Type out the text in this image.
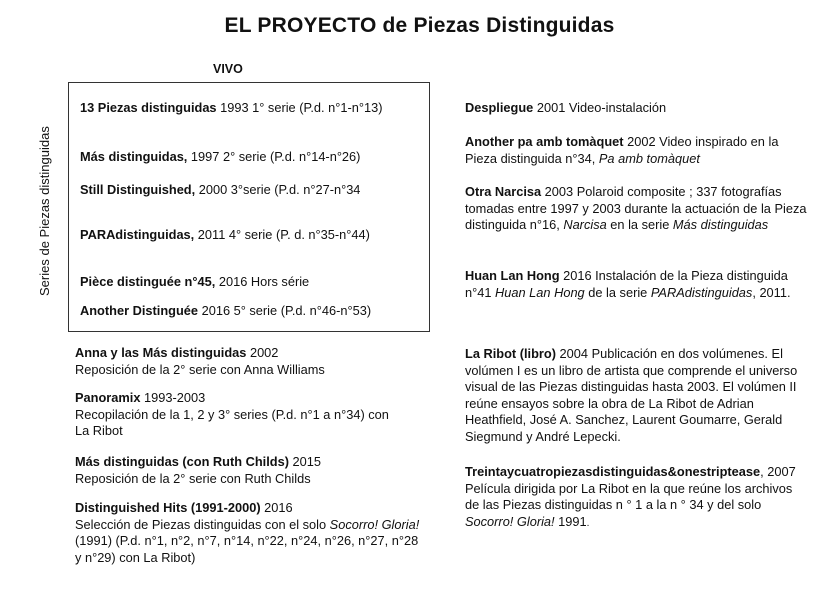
EL PROYECTO de Piezas Distinguidas
VIVO
Series de Piezas distinguidas
13 Piezas distinguidas 1993 1° serie (P.d. n°1-n°13)
Más distinguidas, 1997 2° serie (P.d. n°14-n°26)
Still Distinguished, 2000 3°serie (P.d. n°27-n°34
PARAdistinguidas, 2011 4° serie (P. d. n°35-n°44)
Pièce distinguée n°45, 2016 Hors série
Another Distinguée 2016 5° serie (P.d. n°46-n°53)
Anna y las Más distinguidas 2002
Reposición de la 2° serie con Anna Williams
Panoramix 1993-2003
Recopilación de la 1, 2 y 3° series (P.d. n°1 a n°34) con La Ribot
Más distinguidas (con Ruth Childs) 2015
Reposición de la 2° serie con Ruth Childs
Distinguished Hits (1991-2000) 2016
Selección de Piezas distinguidas con el solo Socorro! Gloria! (1991) (P.d. n°1, n°2, n°7, n°14, n°22, n°24, n°26, n°27, n°28 y n°29) con La Ribot)
Despliegue 2001 Video-instalación
Another pa amb tomàquet 2002 Video inspirado en la Pieza distinguida n°34, Pa amb tomàquet
Otra Narcisa 2003 Polaroid composite ; 337 fotografías tomadas entre 1997 y 2003 durante la actuación de la Pieza distinguida n°16, Narcisa en la serie Más distinguidas
Huan Lan Hong 2016 Instalación de la Pieza distinguida n°41 Huan Lan Hong de la serie PARAdistinguidas, 2011.
La Ribot (libro) 2004 Publicación en dos volúmenes. El volúmen I es un libro de artista que comprende el universo visual de las Piezas distinguidas hasta 2003. El volúmen II reúne ensayos sobre la obra de La Ribot de Adrian Heathfield, José A. Sanchez, Laurent Goumarre, Gerald Siegmund y André Lepecki.
Treintaycuatropiezasdistinguidas&onestriptease, 2007 Película dirigida por La Ribot en la que reúne los archivos de las Piezas distinguidas n ° 1 a la n ° 34 y del solo Socorro! Gloria! 1991.
